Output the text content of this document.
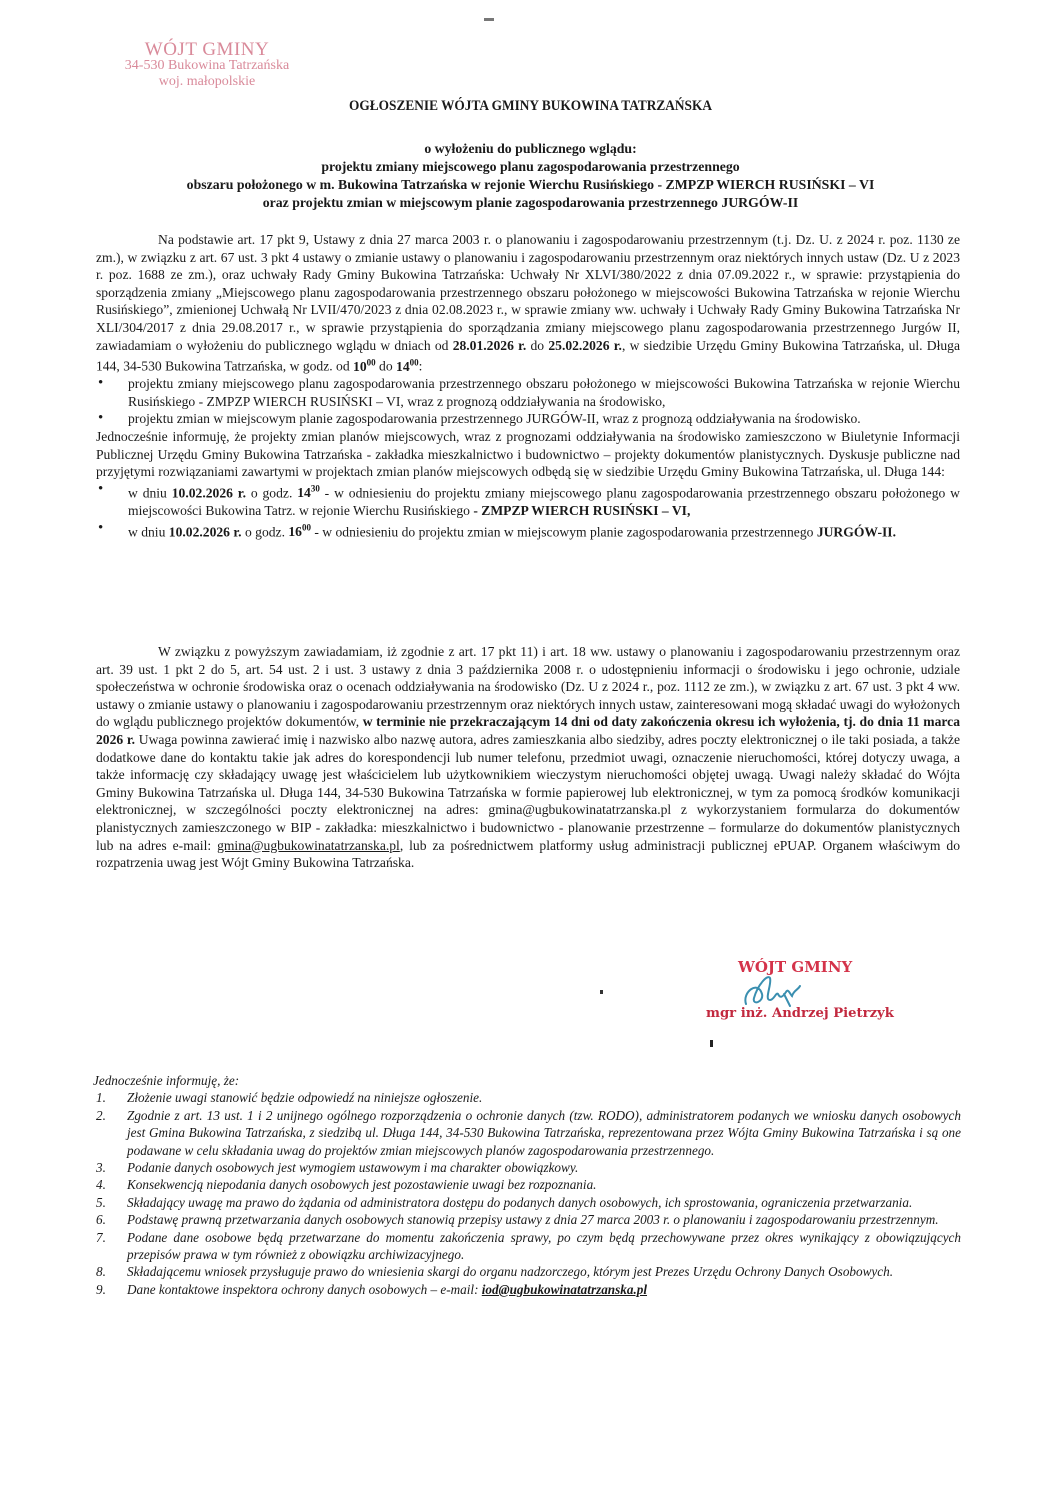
WÓJT GMINY
34-530 Bukowina Tatrzańska
woj. małopolskie
OGŁOSZENIE WÓJTA GMINY BUKOWINA TATRZAŃSKA
o wyłożeniu do publicznego wglądu:
projektu zmiany miejscowego planu zagospodarowania przestrzennego
obszaru położonego w m. Bukowina Tatrzańska w rejonie Wierchu Rusińskiego - ZMPZP WIERCH RUSIŃSKI – VI
oraz projektu zmian w miejscowym planie zagospodarowania przestrzennego JURGÓW-II

Na podstawie art. 17 pkt 9, Ustawy z dnia 27 marca 2003 r. o planowaniu i zagospodarowaniu przestrzennym (t.j. Dz. U. z 2024 r. poz. 1130 ze zm.), w związku z art. 67 ust. 3 pkt 4 ustawy o zmianie ustawy o planowaniu i zagospodarowaniu przestrzennym oraz niektórych innych ustaw (Dz. U z 2023 r. poz. 1688 ze zm.), oraz uchwały Rady Gminy Bukowina Tatrzańska: Uchwały Nr XLVI/380/2022 z dnia 07.09.2022 r., w sprawie: przystąpienia do sporządzenia zmiany „Miejscowego planu zagospodarowania przestrzennego obszaru położonego w miejscowości Bukowina Tatrzańska w rejonie Wierchu Rusińskiego”, zmienionej Uchwałą Nr LVII/470/2023 z dnia 02.08.2023 r., w sprawie zmiany ww. uchwały i Uchwały Rady Gminy Bukowina Tatrzańska Nr XLI/304/2017 z dnia 29.08.2017 r., w sprawie przystąpienia do sporządzania zmiany miejscowego planu zagospodarowania przestrzennego Jurgów II, zawiadamiam o wyłożeniu do publicznego wglądu w dniach od 28.01.2026 r. do 25.02.2026 r., w siedzibie Urzędu Gminy Bukowina Tatrzańska, ul. Długa 144, 34-530 Bukowina Tatrzańska, w godz. od $10^{00}$ do $14^{00}$:

• projektu zmiany miejscowego planu zagospodarowania przestrzennego obszaru położonego w miejscowości Bukowina Tatrzańska w rejonie Wierchu Rusińskiego - ZMPZP WIERCH RUSIŃSKI – VI, wraz z prognozą oddziaływania na środowisko,
• projektu zmian w miejscowym planie zagospodarowania przestrzennego JURGÓW-II, wraz z prognozą oddziaływania na środowisko.

Jednocześnie informuję, że projekty zmian planów miejscowych, wraz z prognozami oddziaływania na środowisko zamieszczono w Biuletynie Informacji Publicznej Urzędu Gminy Bukowina Tatrzańska - zakładka mieszkalnictwo i budownictwo – projekty dokumentów planistycznych. Dyskusje publiczne nad przyjętymi rozwiązaniami zawartymi w projektach zmian planów miejscowych odbędą się w siedzibie Urzędu Gminy Bukowina Tatrzańska, ul. Długa 144:

• w dniu 10.02.2026 r. o godz. $14^{30}$ - w odniesieniu do projektu zmiany miejscowego planu zagospodarowania przestrzennego obszaru położonego w miejscowości Bukowina Tatrz. w rejonie Wierchu Rusińskiego - ZMPZP WIERCH RUSIŃSKI – VI,
• w dniu 10.02.2026 r. o godz. $16^{00}$ - w odniesieniu do projektu zmian w miejscowym planie zagospodarowania przestrzennego JURGÓW-II.

W związku z powyższym zawiadamiam, iż zgodnie z art. 17 pkt 11) i art. 18 ww. ustawy o planowaniu i zagospodarowaniu przestrzennym oraz art. 39 ust. 1 pkt 2 do 5, art. 54 ust. 2 i ust. 3 ustawy z dnia 3 października 2008 r. o udostępnieniu informacji o środowisku i jego ochronie, udziale społeczeństwa w ochronie środowiska oraz o ocenach oddziaływania na środowisko (Dz. U z 2024 r., poz. 1112 ze zm.), w związku z art. 67 ust. 3 pkt 4 ww. ustawy o zmianie ustawy o planowaniu i zagospodarowaniu przestrzennym oraz niektórych innych ustaw, zainteresowani mogą składać uwagi do wyłożonych do wglądu publicznego projektów dokumentów, w terminie nie przekraczającym 14 dni od daty zakończenia okresu ich wyłożenia, tj. do dnia 11 marca 2026 r. Uwaga powinna zawierać imię i nazwisko albo nazwę autora, adres zamieszkania albo siedziby, adres poczty elektronicznej o ile taki posiada, a także dodatkowe dane do kontaktu takie jak adres do korespondencji lub numer telefonu, przedmiot uwagi, oznaczenie nieruchomości, której dotyczy uwaga, a także informację czy składający uwagę jest właścicielem lub użytkownikiem wieczystym nieruchomości objętej uwagą. Uwagi należy składać do Wójta Gminy Bukowina Tatrzańska ul. Długa 144, 34-530 Bukowina Tatrzańska w formie papierowej lub elektronicznej, w tym za pomocą środków komunikacji elektronicznej, w szczególności poczty elektronicznej na adres: gmina@ugbukowinatatrzanska.pl z wykorzystaniem formularza do dokumentów planistycznych zamieszczonego w BIP - zakładka: mieszkalnictwo i budownictwo - planowanie przestrzenne – formularze do dokumentów planistycznych lub na adres e-mail: gmina@ugbukowinatatrzanska.pl, lub za pośrednictwem platformy usług administracji publicznej ePUAP. Organem właściwym do rozpatrzenia uwag jest Wójt Gminy Bukowina Tatrzańska.

WÓJT GMINY
mgr inż. Andrzej Pietrzyk

Jednocześnie informuję, że:

1. Złożenie uwagi stanowić będzie odpowiedź na niniejsze ogłoszenie.
2. Zgodnie z art. 13 ust. 1 i 2 unijnego ogólnego rozporządzenia o ochronie danych (tzw. RODO), administratorem podanych we wniosku danych osobowych jest Gmina Bukowina Tatrzańska, z siedzibą ul. Długa 144, 34-530 Bukowina Tatrzańska, reprezentowana przez Wójta Gminy Bukowina Tatrzańska i są one podawane w celu składania uwag do projektów zmian miejscowych planów zagospodarowania przestrzennego.
3. Podanie danych osobowych jest wymogiem ustawowym i ma charakter obowiązkowy.
4. Konsekwencją niepodania danych osobowych jest pozostawienie uwagi bez rozpoznania.
5. Składający uwagę ma prawo do żądania od administratora dostępu do podanych danych osobowych, ich sprostowania, ograniczenia przetwarzania.
6. Podstawę prawną przetwarzania danych osobowych stanowią przepisy ustawy z dnia 27 marca 2003 r. o planowaniu i zagospodarowaniu przestrzennym.
7. Podane dane osobowe będą przetwarzane do momentu zakończenia sprawy, po czym będą przechowywane przez okres wynikający z obowiązujących przepisów prawa w tym również z obowiązku archiwizacyjnego.
8. Składającemu wniosek przysługuje prawo do wniesienia skargi do organu nadzorczego, którym jest Prezes Urzędu Ochrony Danych Osobowych.
9. Dane kontaktowe inspektora ochrony danych osobowych – e-mail: iod@ugbukowinatatrzanska.pl
